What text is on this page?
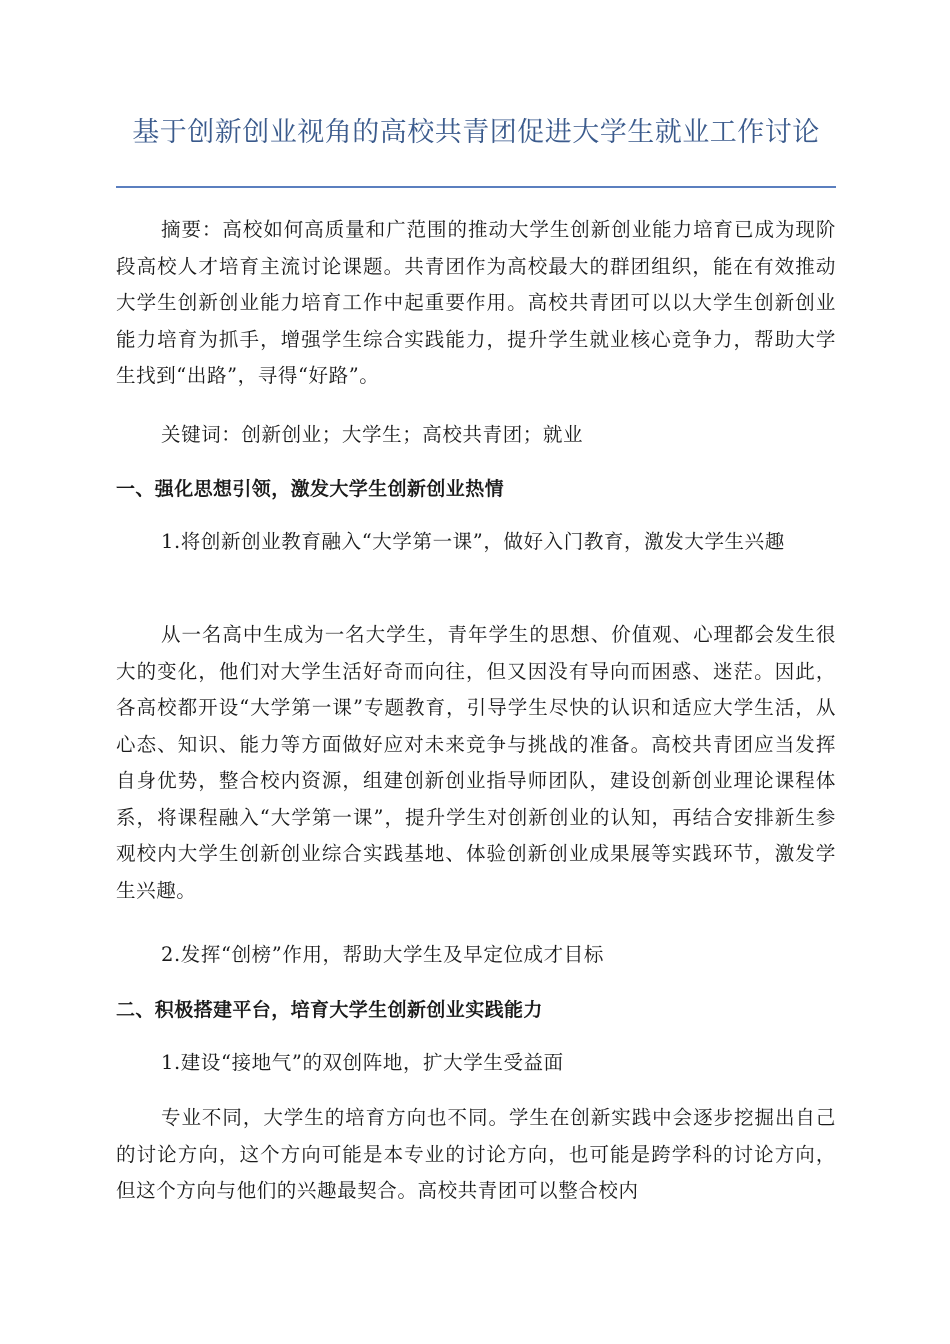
基于创新创业视角的高校共青团促进大学生就业工作讨论

摘要：高校如何高质量和广范围的推动大学生创新创业能力培育已成为现阶段高校人才培育主流讨论课题。共青团作为高校最大的群团组织，能在有效推动大学生创新创业能力培育工作中起重要作用。高校共青团可以以大学生创新创业能力培育为抓手，增强学生综合实践能力，提升学生就业核心竞争力，帮助大学生找到“出路”，寻得“好路”。

关键词：创新创业；大学生；高校共青团；就业

一、强化思想引领，激发大学生创新创业热情

1.将创新创业教育融入“大学第一课”，做好入门教育，激发大学生兴趣

从一名高中生成为一名大学生，青年学生的思想、价值观、心理都会发生很大的变化，他们对大学生活好奇而向往，但又因没有导向而困惑、迷茫。因此，各高校都开设“大学第一课”专题教育，引导学生尽快的认识和适应大学生活，从心态、知识、能力等方面做好应对未来竞争与挑战的准备。高校共青团应当发挥自身优势，整合校内资源，组建创新创业指导师团队，建设创新创业理论课程体系，将课程融入“大学第一课”，提升学生对创新创业的认知，再结合安排新生参观校内大学生创新创业综合实践基地、体验创新创业成果展等实践环节，激发学生兴趣。

2.发挥“创榜”作用，帮助大学生及早定位成才目标

二、积极搭建平台，培育大学生创新创业实践能力

1.建设“接地气”的双创阵地，扩大学生受益面

专业不同，大学生的培育方向也不同。学生在创新实践中会逐步挖掘出自己的讨论方向，这个方向可能是本专业的讨论方向，也可能是跨学科的讨论方向，但这个方向与他们的兴趣最契合。高校共青团可以整合校内
